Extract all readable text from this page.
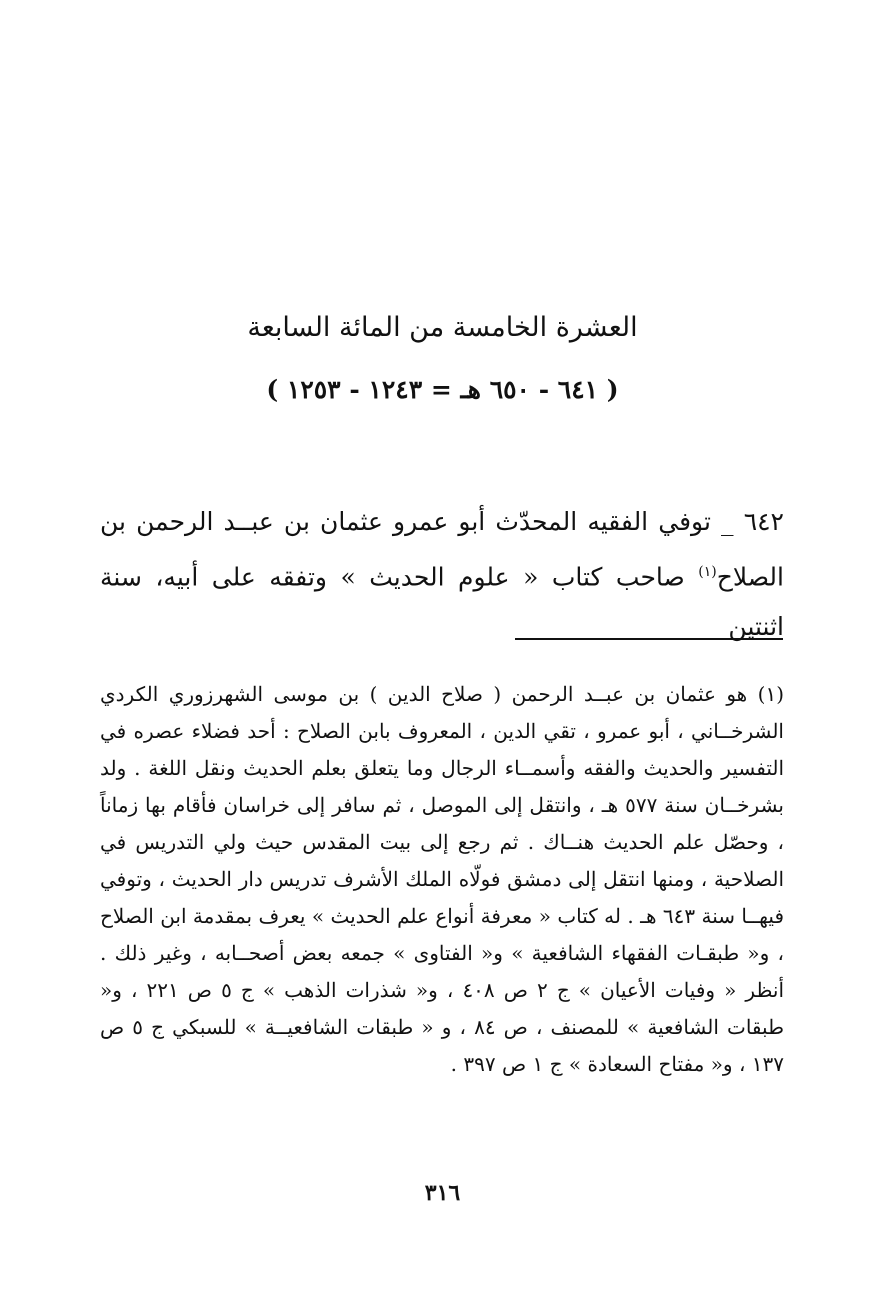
العشرة الخامسة من المائة السابعة
( ٦٤١ - ٦٥٠ هـ = ١٢٤٣ - ١٢٥٣ )
٦٤٢ _ توفي الفقيه المحدّث أبو عمرو عثمان بن عبــد الرحمن بن الصلاح$^{(١)}$ صاحب كتاب « علوم الحديث » وتفقه على أبيه، سنة اثنتين
(١) هو عثمان بن عبــد الرحمن ( صلاح الدين ) بن موسى الشهرزوري الكردي الشرخــاني ، أبو عمرو ، تقي الدين ، المعروف بابن الصلاح : أحد فضلاء عصره في التفسير والحديث والفقه وأسمــاء الرجال وما يتعلق بعلم الحديث ونقل اللغة . ولد بشرخــان سنة ٥٧٧ هـ ، وانتقل إلى الموصل ، ثم سافر إلى خراسان فأقام بها زماناً ، وحصّل علم الحديث هنــاك . ثم رجع إلى بيت المقدس حيث ولي التدريس في الصلاحية ، ومنها انتقل إلى دمشق فولّاه الملك الأشرف تدريس دار الحديث ، وتوفي فيهــا سنة ٦٤٣ هـ . له كتاب « معرفة أنواع علم الحديث » يعرف بمقدمة ابن الصلاح ، و« طبقـات الفقهاء الشافعية » و« الفتاوى » جمعه بعض أصحــابه ، وغير ذلك . أنظر « وفيات الأعيان » ج ٢ ص ٤٠٨ ، و« شذرات الذهب » ج ٥ ص ٢٢١ ، و« طبقات الشافعية » للمصنف ، ص ٨٤ ، و « طبقات الشافعيــة » للسبكي ج ٥ ص ١٣٧ ، و« مفتاح السعادة » ج ١ ص ٣٩٧ .
٣١٦
